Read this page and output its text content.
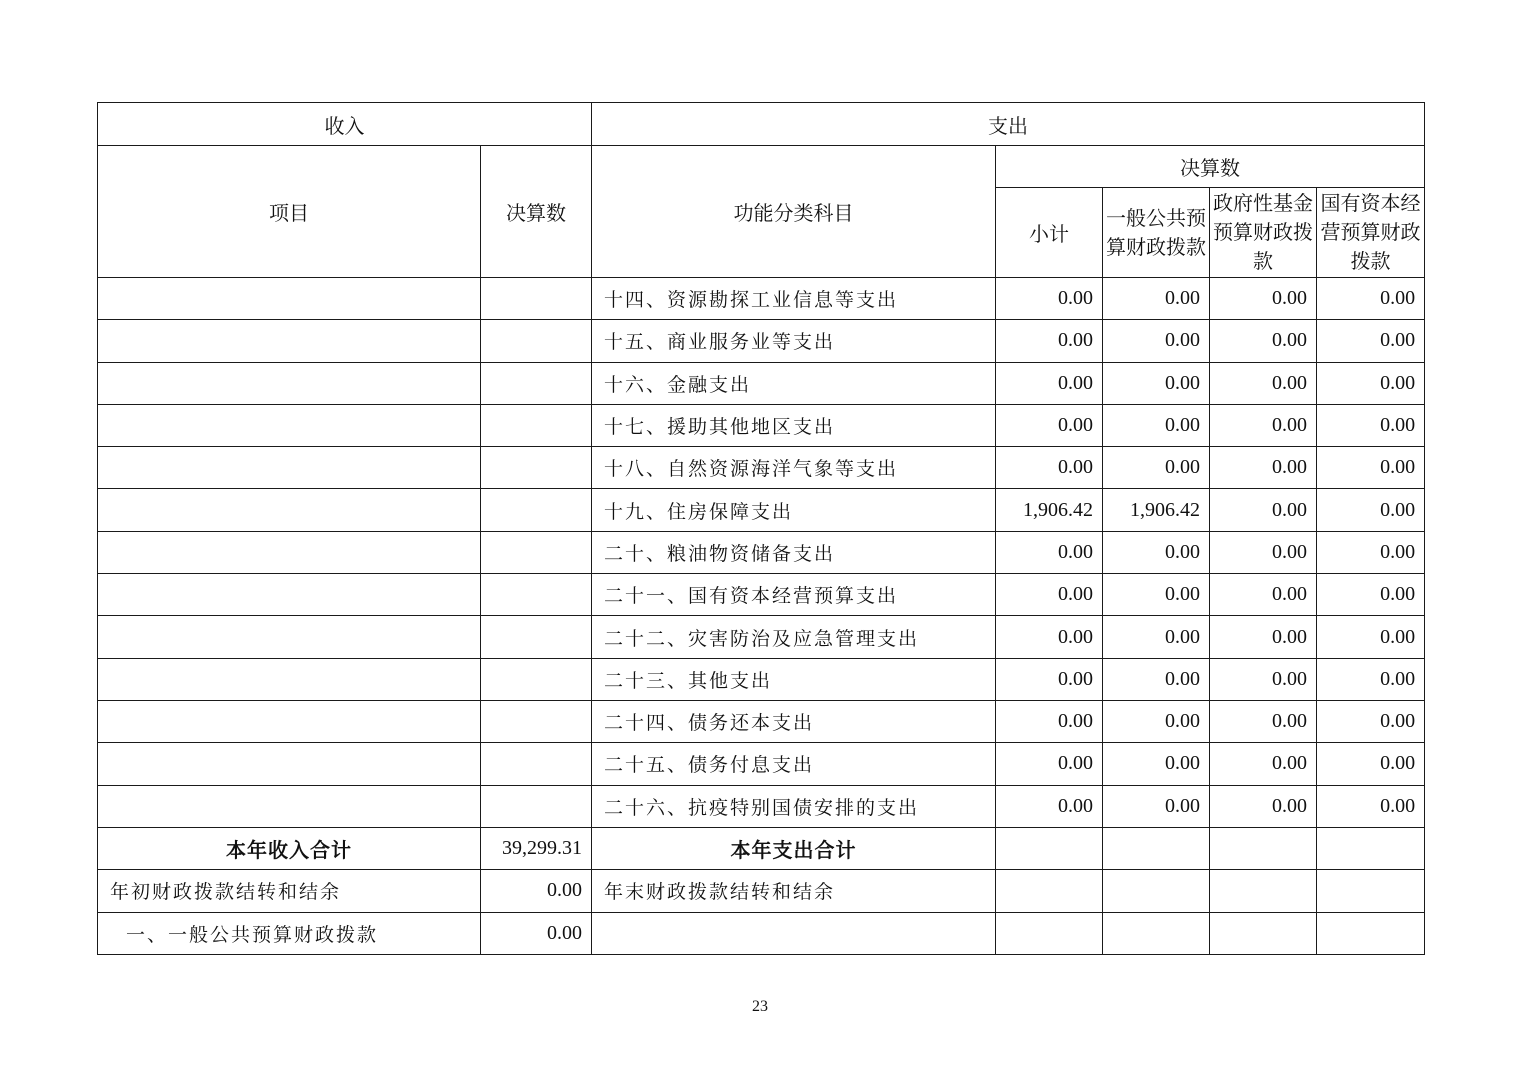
收入		支出				
项目	决算数	功能分类科目	决算数			
			小计	一般公共预算财政拨款	政府性基金预算财政拨款	国有资本经营预算财政拨款
		十四、资源勘探工业信息等支出	0.00	0.00	0.00	0.00
		十五、商业服务业等支出	0.00	0.00	0.00	0.00
		十六、金融支出	0.00	0.00	0.00	0.00
		十七、援助其他地区支出	0.00	0.00	0.00	0.00
		十八、自然资源海洋气象等支出	0.00	0.00	0.00	0.00
		十九、住房保障支出	1,906.42	1,906.42	0.00	0.00
		二十、粮油物资储备支出	0.00	0.00	0.00	0.00
		二十一、国有资本经营预算支出	0.00	0.00	0.00	0.00
		二十二、灾害防治及应急管理支出	0.00	0.00	0.00	0.00
		二十三、其他支出	0.00	0.00	0.00	0.00
		二十四、债务还本支出	0.00	0.00	0.00	0.00
		二十五、债务付息支出	0.00	0.00	0.00	0.00
		二十六、抗疫特别国债安排的支出	0.00	0.00	0.00	0.00
本年收入合计	39,299.31	本年支出合计				
年初财政拨款结转和结余	0.00	年末财政拨款结转和结余				
一、一般公共预算财政拨款	0.00					
23
